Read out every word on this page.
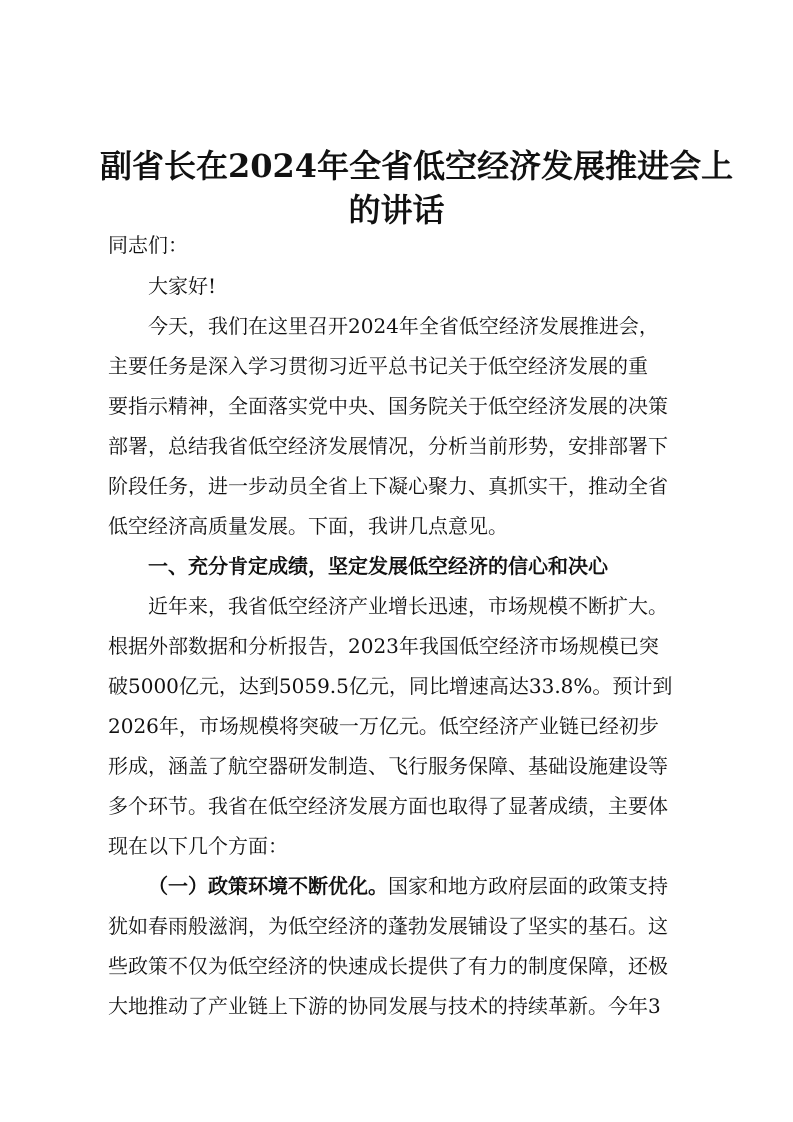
副省长在2024年全省低空经济发展推进会上
的讲话
同志们：
大家好!
今天，我们在这里召开2024年全省低空经济发展推进会，
主要任务是深入学习贯彻习近平总书记关于低空经济发展的重
要指示精神，全面落实党中央、国务院关于低空经济发展的决策
部署，总结我省低空经济发展情况，分析当前形势，安排部署下
阶段任务，进一步动员全省上下凝心聚力、真抓实干，推动全省
低空经济高质量发展。下面，我讲几点意见。
一、充分肯定成绩，坚定发展低空经济的信心和决心
近年来，我省低空经济产业增长迅速，市场规模不断扩大。
根据外部数据和分析报告，2023年我国低空经济市场规模已突
破5000亿元，达到5059.5亿元，同比增速高达33.8%。预计到
2026年，市场规模将突破一万亿元。低空经济产业链已经初步
形成，涵盖了航空器研发制造、飞行服务保障、基础设施建设等
多个环节。我省在低空经济发展方面也取得了显著成绩，主要体
现在以下几个方面：
（一）政策环境不断优化。国家和地方政府层面的政策支持
犹如春雨般滋润，为低空经济的蓬勃发展铺设了坚实的基石。这
些政策不仅为低空经济的快速成长提供了有力的制度保障，还极
大地推动了产业链上下游的协同发展与技术的持续革新。今年3
